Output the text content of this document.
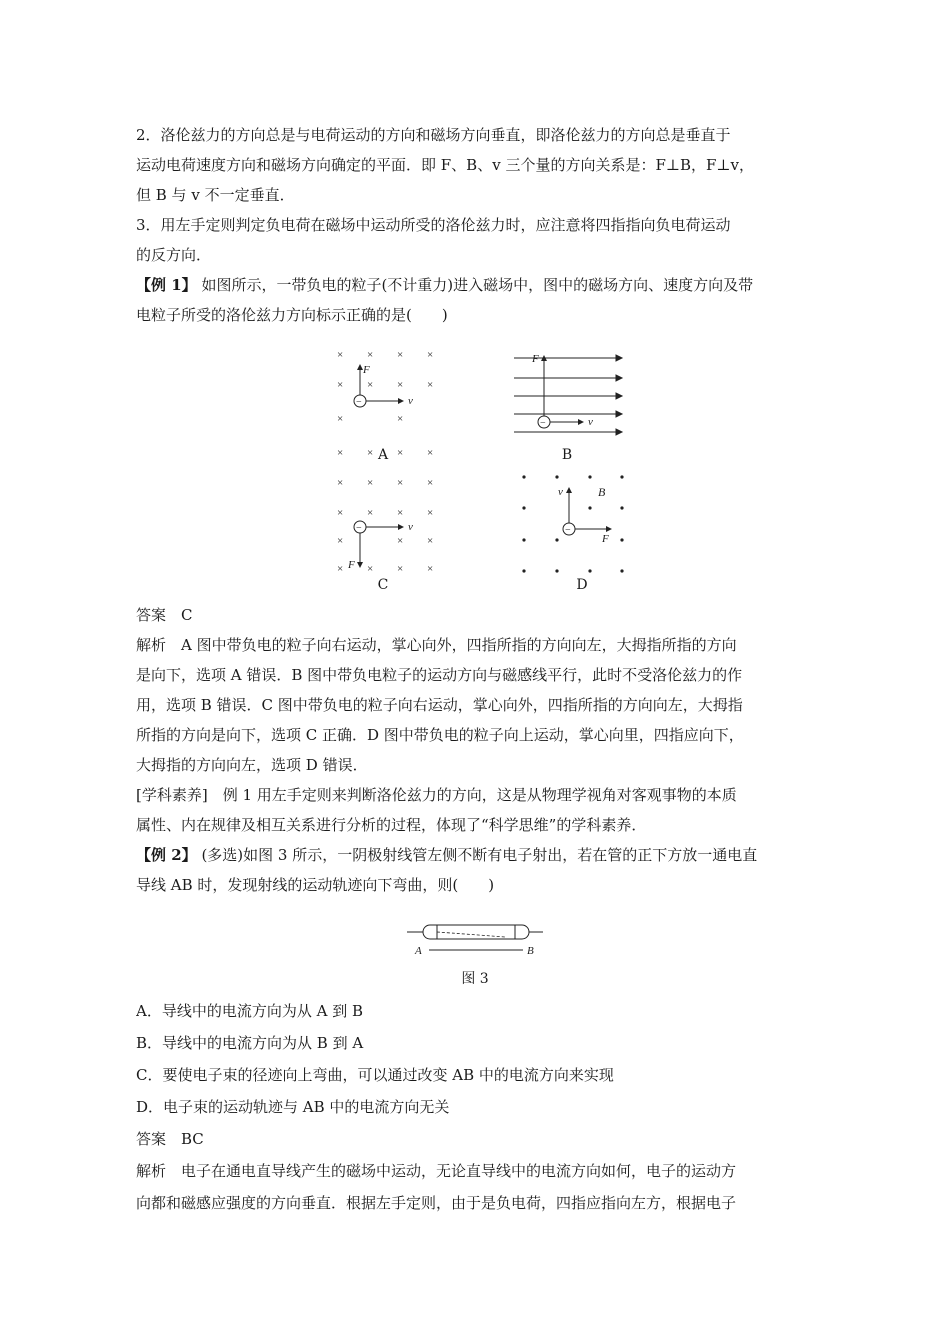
2．洛伦兹力的方向总是与电荷运动的方向和磁场方向垂直，即洛伦兹力的方向总是垂直于
运动电荷速度方向和磁场方向确定的平面．即 F、B、v 三个量的方向关系是：F⊥B，F⊥v，
但 B 与 v 不一定垂直．
3．用左手定则判定负电荷在磁场中运动所受的洛伦兹力时，应注意将四指指向负电荷运动
的反方向．
【例 1】 如图所示，一带负电的粒子(不计重力)进入磁场中，图中的磁场方向、速度方向及带
电粒子所受的洛伦兹力方向标示正确的是(　　)
× × × ×
× × × ×
×
×
× × × ×
−
F
v
A
−
F
v
B
× × × ×
× × × ×
×	× ×
× × × ×
−
F
v
C
−
v	B
F
D
答案　C
解析　A 图中带负电的粒子向右运动，掌心向外，四指所指的方向向左，大拇指所指的方向
是向下，选项 A 错误．B 图中带负电粒子的运动方向与磁感线平行，此时不受洛伦兹力的作
用，选项 B 错误．C 图中带负电的粒子向右运动，掌心向外，四指所指的方向向左，大拇指
所指的方向是向下，选项 C 正确．D 图中带负电的粒子向上运动，掌心向里，四指应向下，
大拇指的方向向左，选项 D 错误．
[学科素养]　例 1 用左手定则来判断洛伦兹力的方向，这是从物理学视角对客观事物的本质
属性、内在规律及相互关系进行分析的过程，体现了“科学思维”的学科素养．
【例 2】 (多选)如图 3 所示，一阴极射线管左侧不断有电子射出，若在管的正下方放一通电直
导线 AB 时，发现射线的运动轨迹向下弯曲，则(　　)
A	B
图 3
A．导线中的电流方向为从 A 到 B
B．导线中的电流方向为从 B 到 A
C．要使电子束的径迹向上弯曲，可以通过改变 AB 中的电流方向来实现
D．电子束的运动轨迹与 AB 中的电流方向无关
答案　BC
解析　电子在通电直导线产生的磁场中运动，无论直导线中的电流方向如何，电子的运动方
向都和磁感应强度的方向垂直．根据左手定则，由于是负电荷，四指应指向左方，根据电子
